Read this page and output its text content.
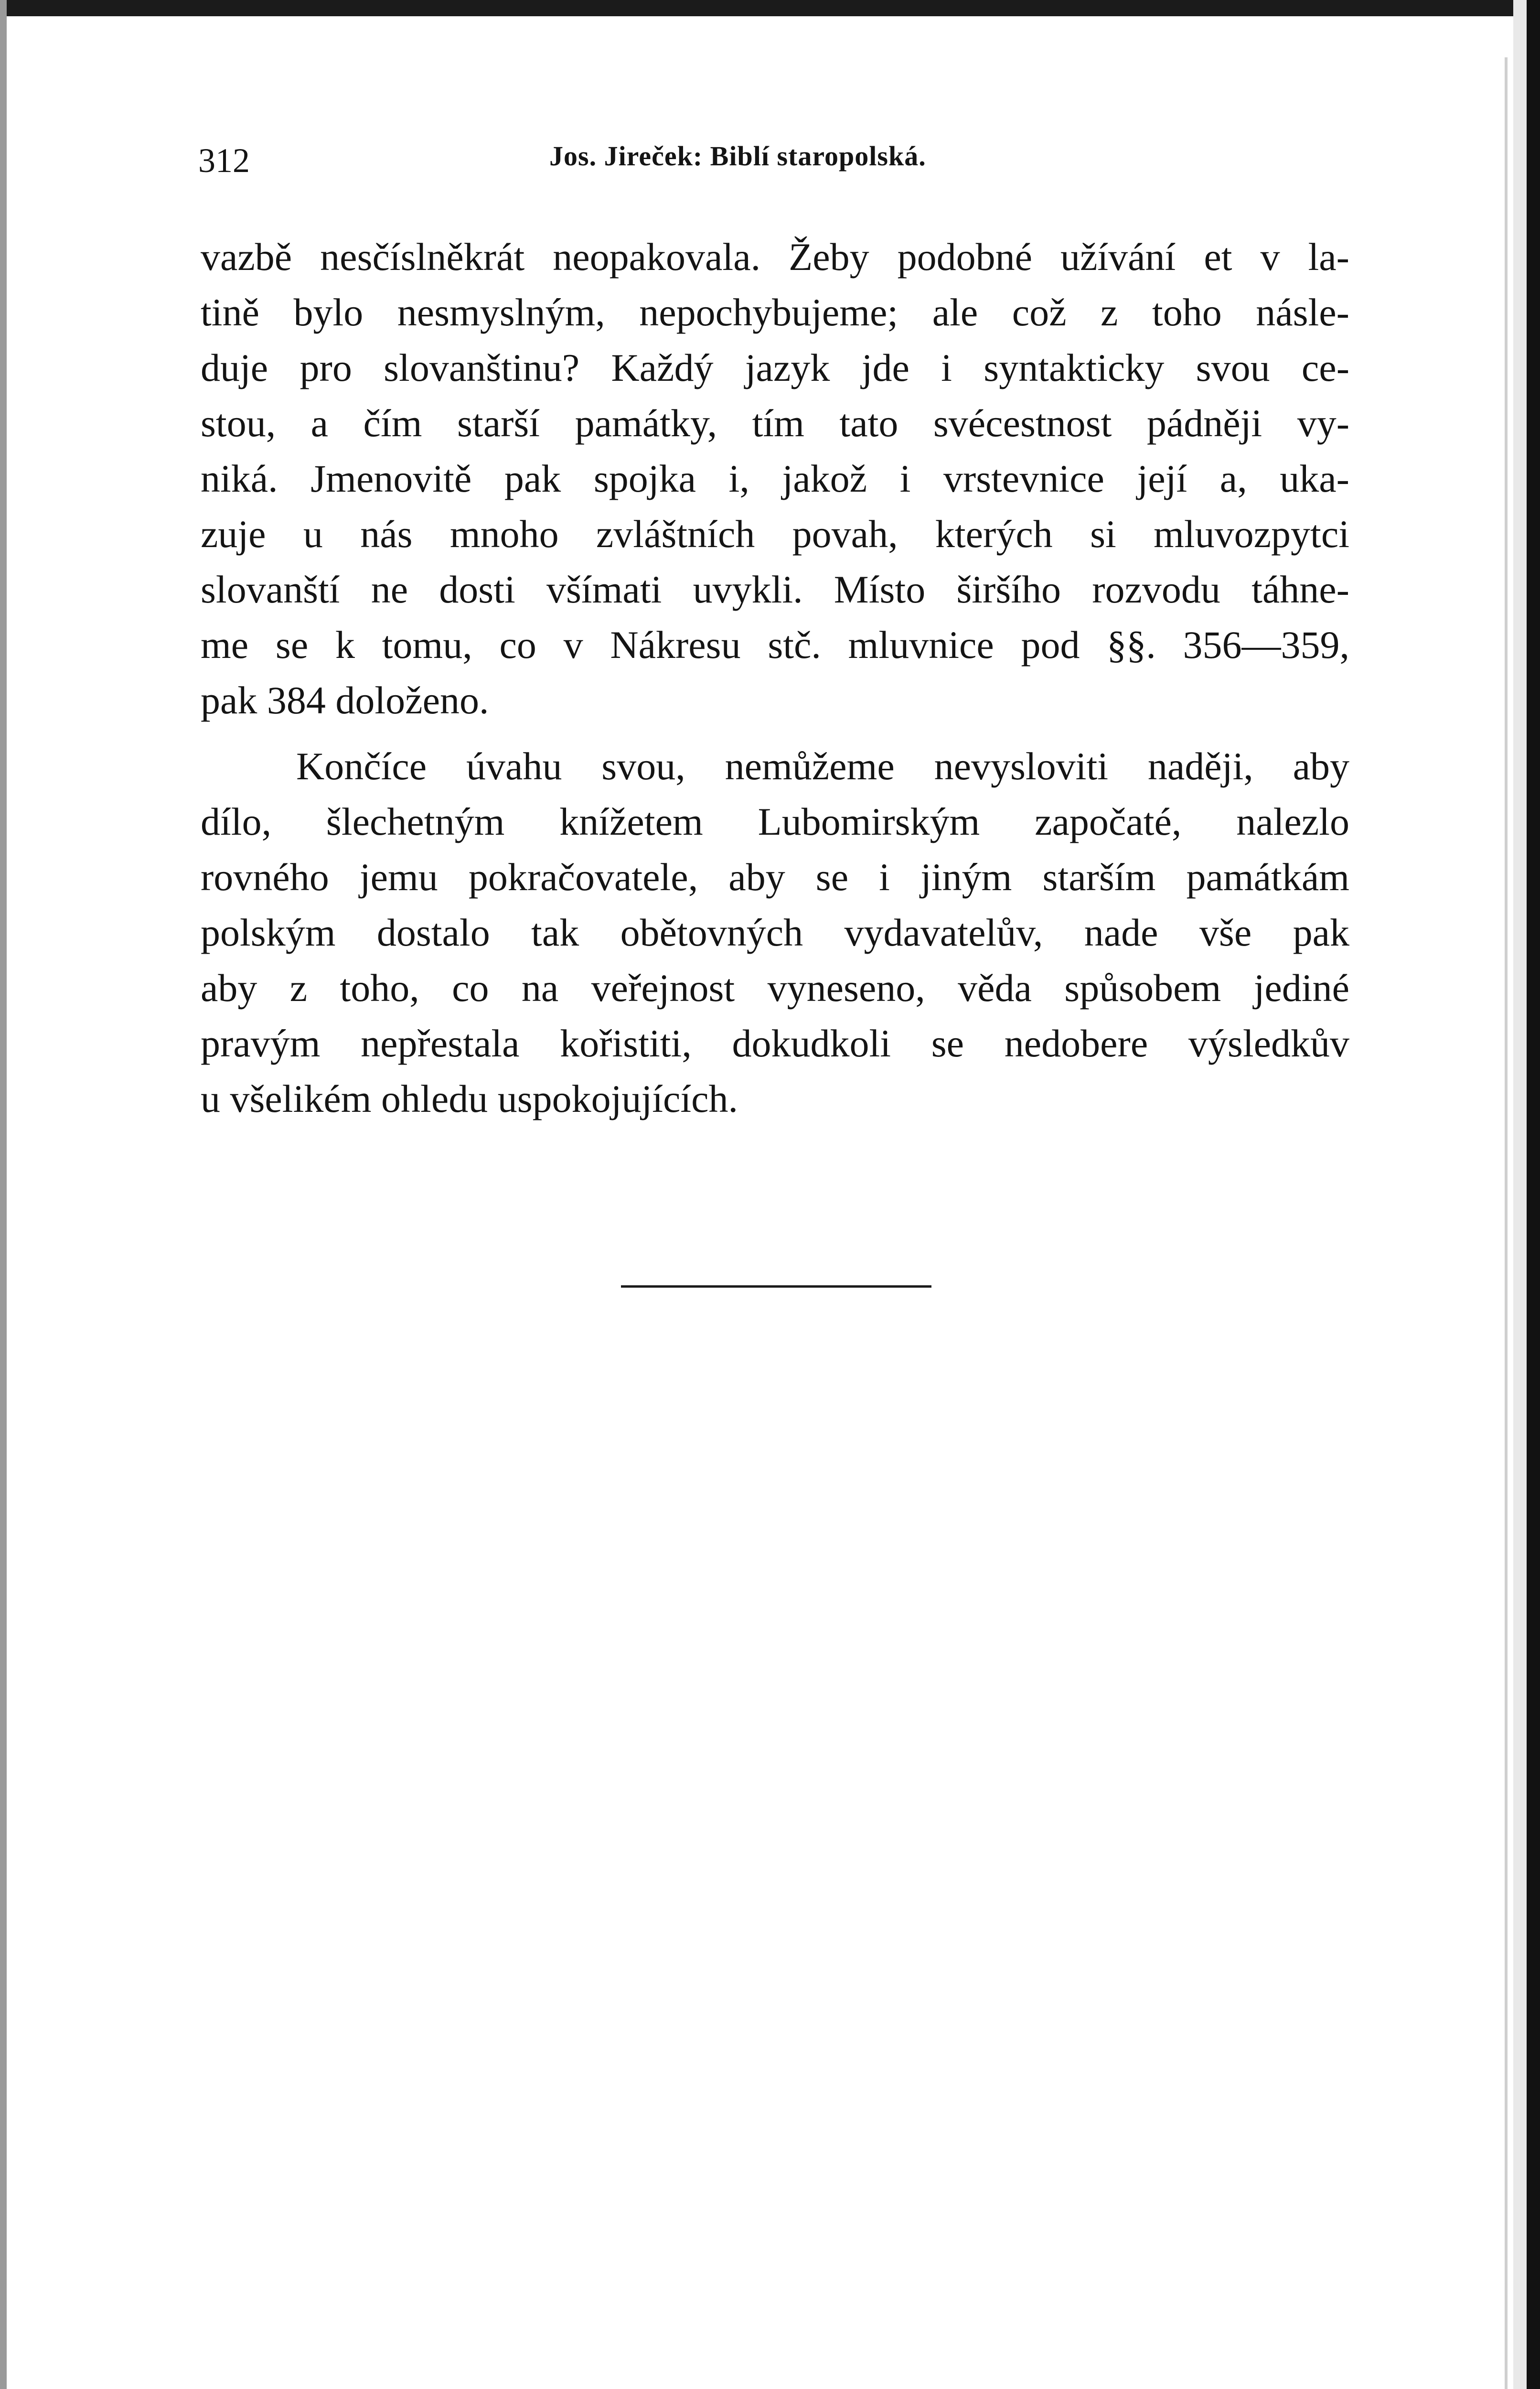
312	Jos. Jireček: Biblí staropolská.
vazbě nesčíslněkrát neopakovala. Žeby podobné užívání et v la-
tině bylo nesmyslným, nepochybujeme; ale což z toho násle-
duje pro slovanštinu? Každý jazyk jde i syntakticky svou ce-
stou, a čím starší památky, tím tato svécestnost pádněji vy-
niká. Jmenovitě pak spojka i, jakož i vrstevnice její a, uka-
zuje u nás mnoho zvláštních povah, kterých si mluvozpytci
slovanští ne dosti všímati uvykli. Místo širšího rozvodu táhne-
me se k tomu, co v Nákresu stč. mluvnice pod §§. 356—359,
pak 384 doloženo.
Končíce úvahu svou, nemůžeme nevysloviti naději, aby
dílo, šlechetným knížetem Lubomirským započaté, nalezlo
rovného jemu pokračovatele, aby se i jiným starším památkám
polským dostalo tak obětovných vydavatelův, nade vše pak
aby z toho, co na veřejnost vyneseno, věda spůsobem jediné
pravým nepřestala kořistiti, dokudkoli se nedobere výsledkův
u všelikém ohledu uspokojujících.
